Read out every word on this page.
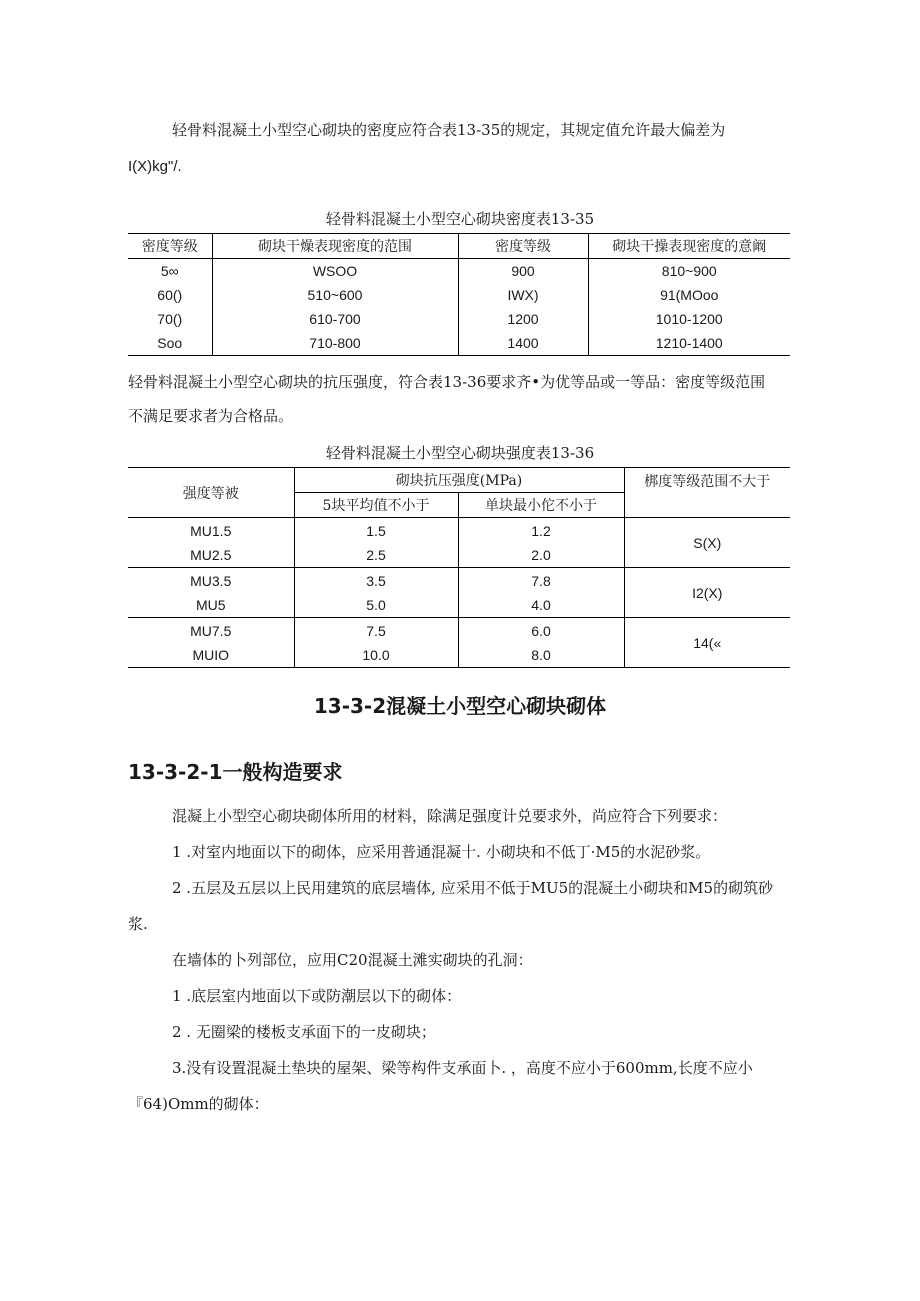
轻骨料混凝土小型空心砌块的密度应符合表13-35的规定，其规定值允许最大偏差为
I(X)kg"/.
轻骨料混凝土小型空心砌块密度表13-35
密度等级	砌块干燥表现密度的范围	密度等级	砌块干操表现密度的意阚
5∞	WSOO	900	810~900
60()	510~600	IWX)	91(MOoo
70()	610-700	1200	1010-1200
Soo	710-800	1400	1210-1400
轻骨料混凝土小型空心砌块的抗压强度，符合表13-36要求齐•为优等品或一等品：密度等级范围
不满足要求者为合格品。
轻骨料混凝土小型空心砌块强度表13-36
强度等被	砌块抗压强度(MPa)		梆度等级范围不大于
	5块平均值不小于	单块最小佗不小于	
MU1.5	1.5	1.2	S(X)
MU2.5	2.5	2.0	
MU3.5	3.5	7.8	I2(X)
MU5	5.0	4.0	
MU7.5	7.5	6.0	14(«
MUIO	10.0	8.0	
13-3-2混凝土小型空心砌块砌体
13-3-2-1一般构造要求
混凝上小型空心砌块砌体所用的材料，除满足强度计兑要求外，尚应符合下列要求：
1 .对室内地面以下的砌体，应采用普通混凝十. 小砌块和不低丁·M5的水泥砂浆。
2 .五层及五层以上民用建筑的底层墙体, 应采用不低于MU5的混凝土小砌块和M5的砌筑砂
浆.
在墙体的卜列部位，应用C20混凝土滩实砌块的孔洞：
1 .底层室内地面以下或防潮层以下的砌体：
2 . 无圈梁的楼板支承面下的一皮砌块；
3.没有设置混凝土垫块的屋架、梁等构件支承面卜. ，高度不应小于600mm,长度不应小
『64)Omm的砌体：
